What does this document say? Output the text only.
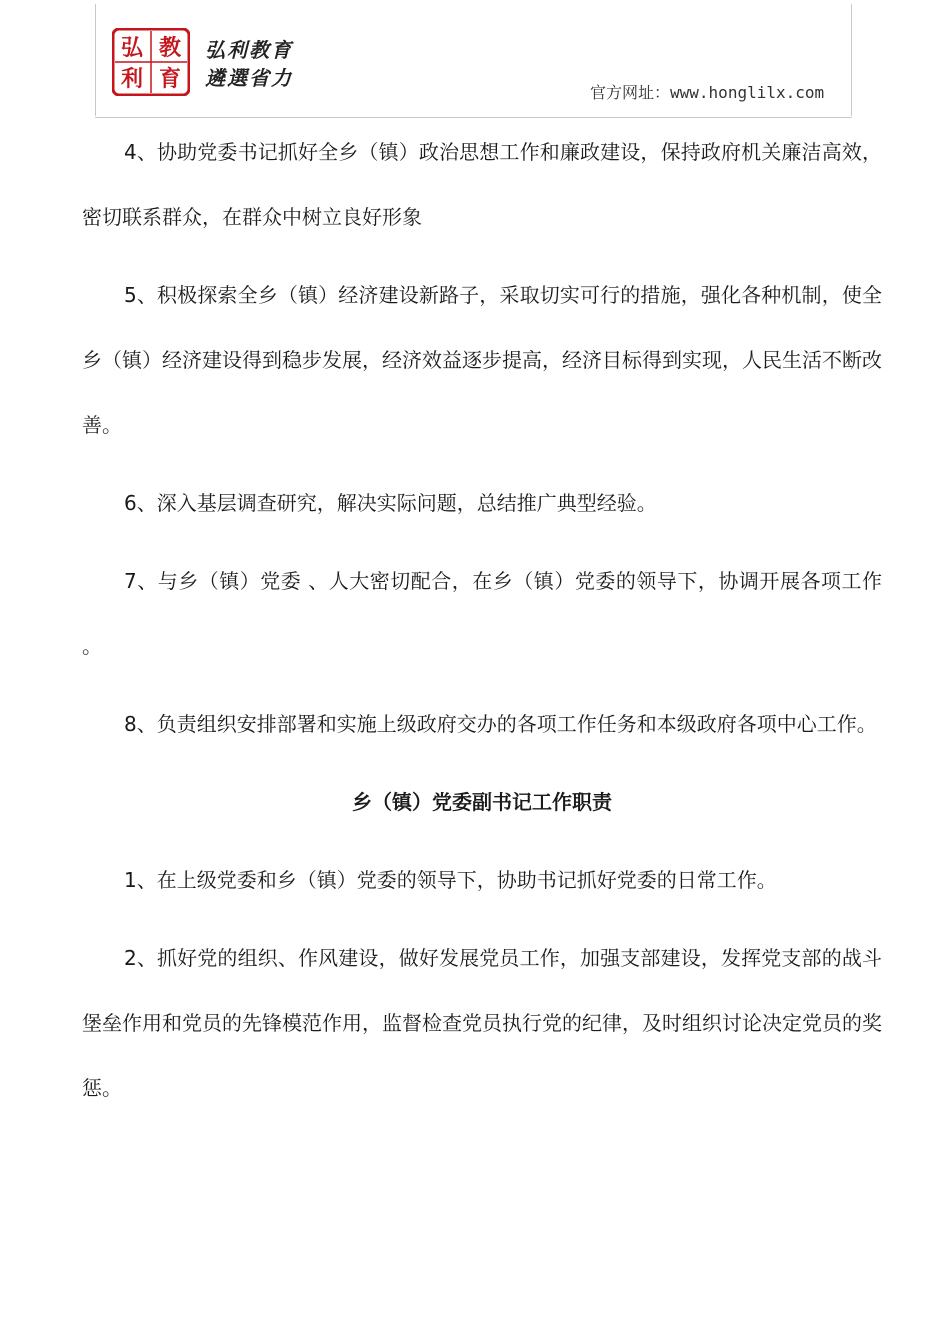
弘
利
教
育
弘利教育
遴選省力
官方网址：www.honglilx.com

4、协助党委书记抓好全乡（镇）政治思想工作和廉政建设，保持政府机关廉洁高效，密切联系群众，在群众中树立良好形象

5、积极探索全乡（镇）经济建设新路子，采取切实可行的措施，强化各种机制，使全乡（镇）经济建设得到稳步发展，经济效益逐步提高，经济目标得到实现，人民生活不断改善。

6、深入基层调查研究，解决实际问题，总结推广典型经验。

7、与乡（镇）党委 、人大密切配合，在乡（镇）党委的领导下，协调开展各项工作 。

8、负责组织安排部署和实施上级政府交办的各项工作任务和本级政府各项中心工作。

乡（镇）党委副书记工作职责

1、在上级党委和乡（镇）党委的领导下，协助书记抓好党委的日常工作。

2、抓好党的组织、作风建设，做好发展党员工作，加强支部建设，发挥党支部的战斗堡垒作用和党员的先锋模范作用，监督检查党员执行党的纪律，及时组织讨论决定党员的奖惩。
